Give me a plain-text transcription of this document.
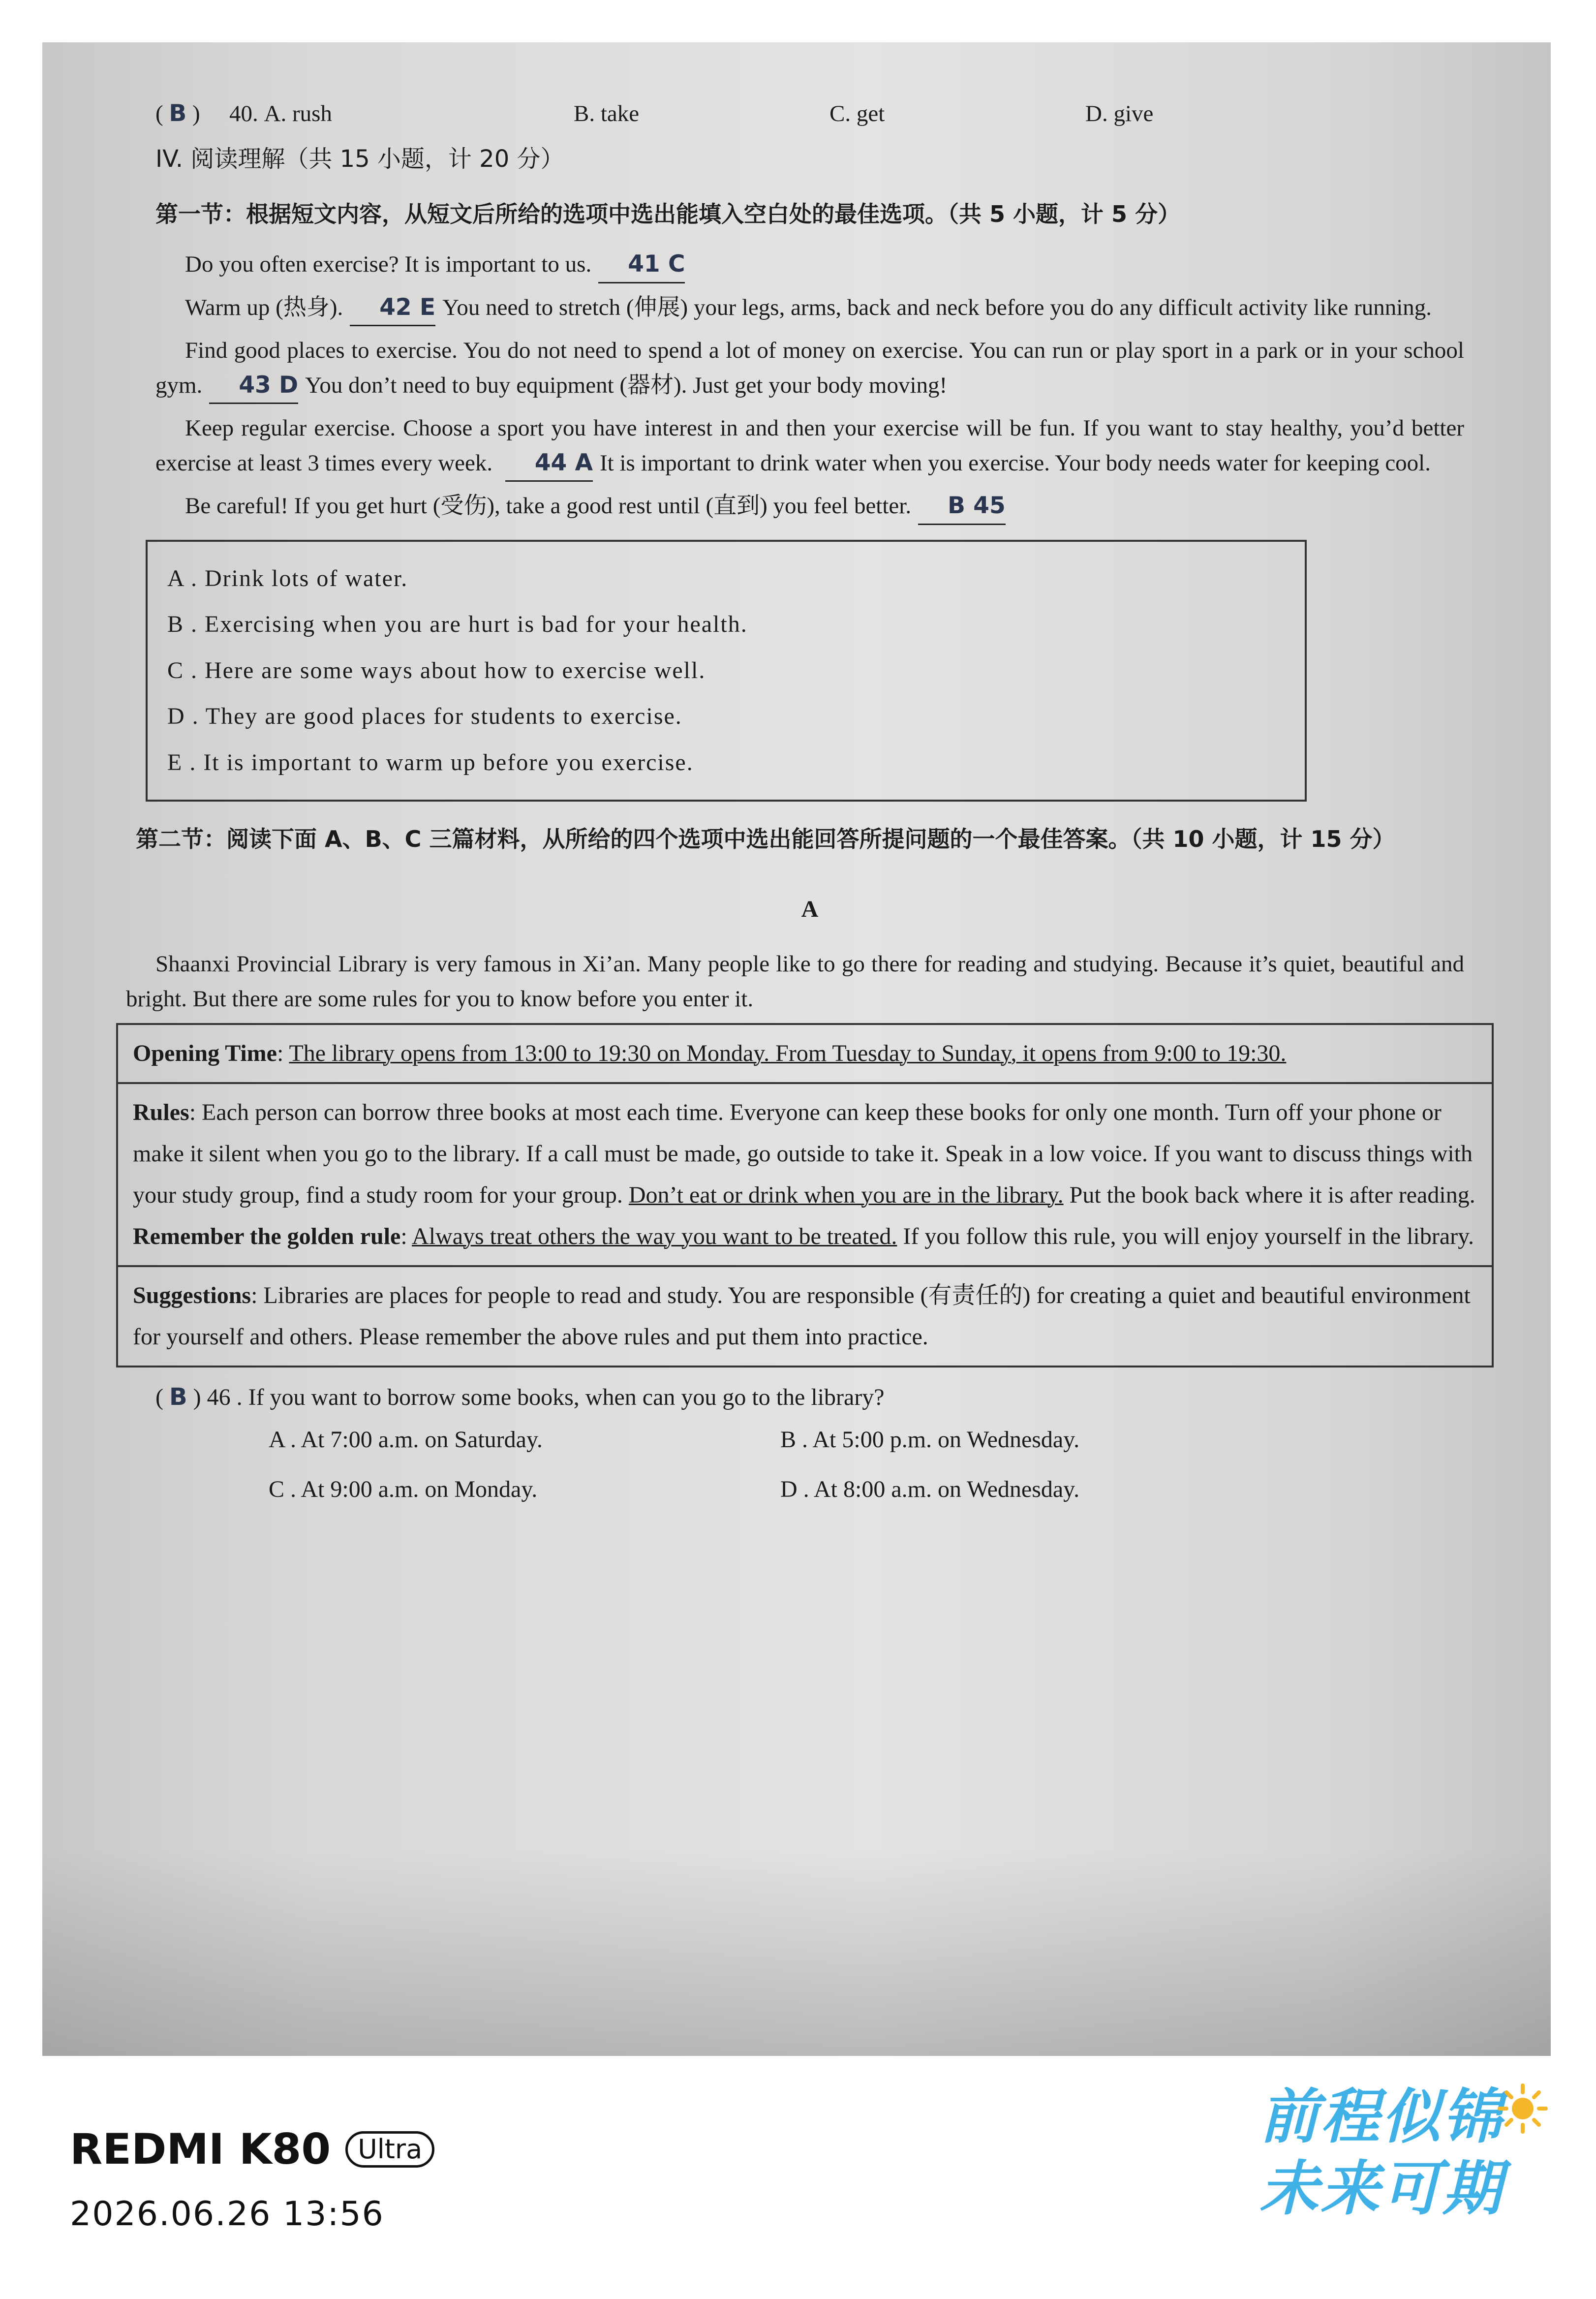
( B )	40. A. rush	B. take	C. get	D. give
IV. 阅读理解（共 15 小题，计 20 分）
第一节：根据短文内容，从短文后所给的选项中选出能填入空白处的最佳选项。（共 5 小题，计 5 分）

Do you often exercise? It is important to us. 41 C

Warm up (热身). 42 E You need to stretch (伸展) your legs, arms, back and neck before you do any difficult activity like running.

Find good places to exercise. You do not need to spend a lot of money on exercise. You can run or play sport in a park or in your school gym. 43 D You don’t need to buy equipment (器材). Just get your body moving!

Keep regular exercise. Choose a sport you have interest in and then your exercise will be fun. If you want to stay healthy, you’d better exercise at least 3 times every week. 44 A It is important to drink water when you exercise. Your body needs water for keeping cool.

Be careful! If you get hurt (受伤), take a good rest until (直到) you feel better. B 45

A . Drink lots of water.
B . Exercising when you are hurt is bad for your health.
C . Here are some ways about how to exercise well.
D . They are good places for students to exercise.
E . It is important to warm up before you exercise.
第二节：阅读下面 A、B、C 三篇材料，从所给的四个选项中选出能回答所提问题的一个最佳答案。（共 10 小题，计 15 分）
A

Shaanxi Provincial Library is very famous in Xi’an. Many people like to go there for reading and studying. Because it’s quiet, beautiful and bright. But there are some rules for you to know before you enter it.

Opening Time: The library opens from 13:00 to 19:30 on Monday. From Tuesday to Sunday, it opens from 9:00 to 19:30.
Rules: Each person can borrow three books at most each time. Everyone can keep these books for only one month. Turn off your phone or make it silent when you go to the library. If a call must be made, go outside to take it. Speak in a low voice. If you want to discuss things with your study group, find a study room for your group. Don’t eat or drink when you are in the library. Put the book back where it is after reading.
Remember the golden rule: Always treat others the way you want to be treated. If you follow this rule, you will enjoy yourself in the library.
Suggestions: Libraries are places for people to read and study. You are responsible (有责任的) for creating a quiet and beautiful environment for yourself and others. Please remember the above rules and put them into practice.
( B ) 46 . If you want to borrow some books, when can you go to the library?
A . At 7:00 a.m. on Saturday.	B . At 5:00 p.m. on Wednesday.
C . At 9:00 a.m. on Monday.	D . At 8:00 a.m. on Wednesday.
REDMI K80	Ultra
2026.06.26 13:56
前程似锦
未来可期
